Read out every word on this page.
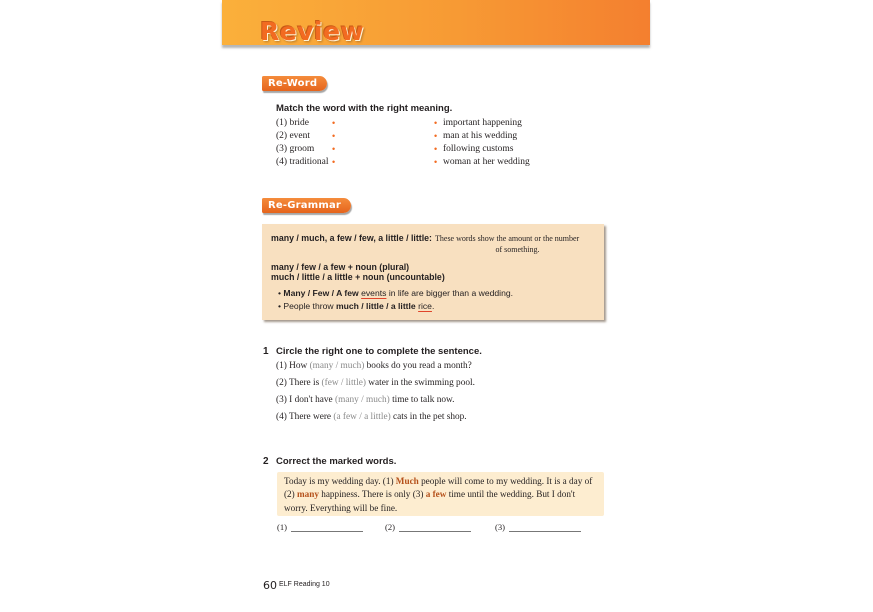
Review
Re-Word
Match the word with the right meaning.
(1) bride
(2) event
(3) groom
(4) traditional
•
•
•
•
•
•
•
•
important happening
man at his wedding
following customs
woman at her wedding
Re-Grammar
many / much, a few / few, a little / little: These words show the amount or the number
of something.
many / few / a few + noun (plural)
much / little / a little + noun (uncountable)
• Many / Few / A few events in life are bigger than a wedding.
• People throw much / little / a little rice.
1 Circle the right one to complete the sentence.
(1) How (many / much) books do you read a month?
(2) There is (few / little) water in the swimming pool.
(3) I don't have (many / much) time to talk now.
(4) There were (a few / a little) cats in the pet shop.
2 Correct the marked words.
Today is my wedding day. (1) Much people will come to my wedding. It is a day of (2) many happiness. There is only (3) a few time until the wedding. But I don't worry. Everything will be fine.
(1)	(2)	(3)
60 ELF Reading 10
